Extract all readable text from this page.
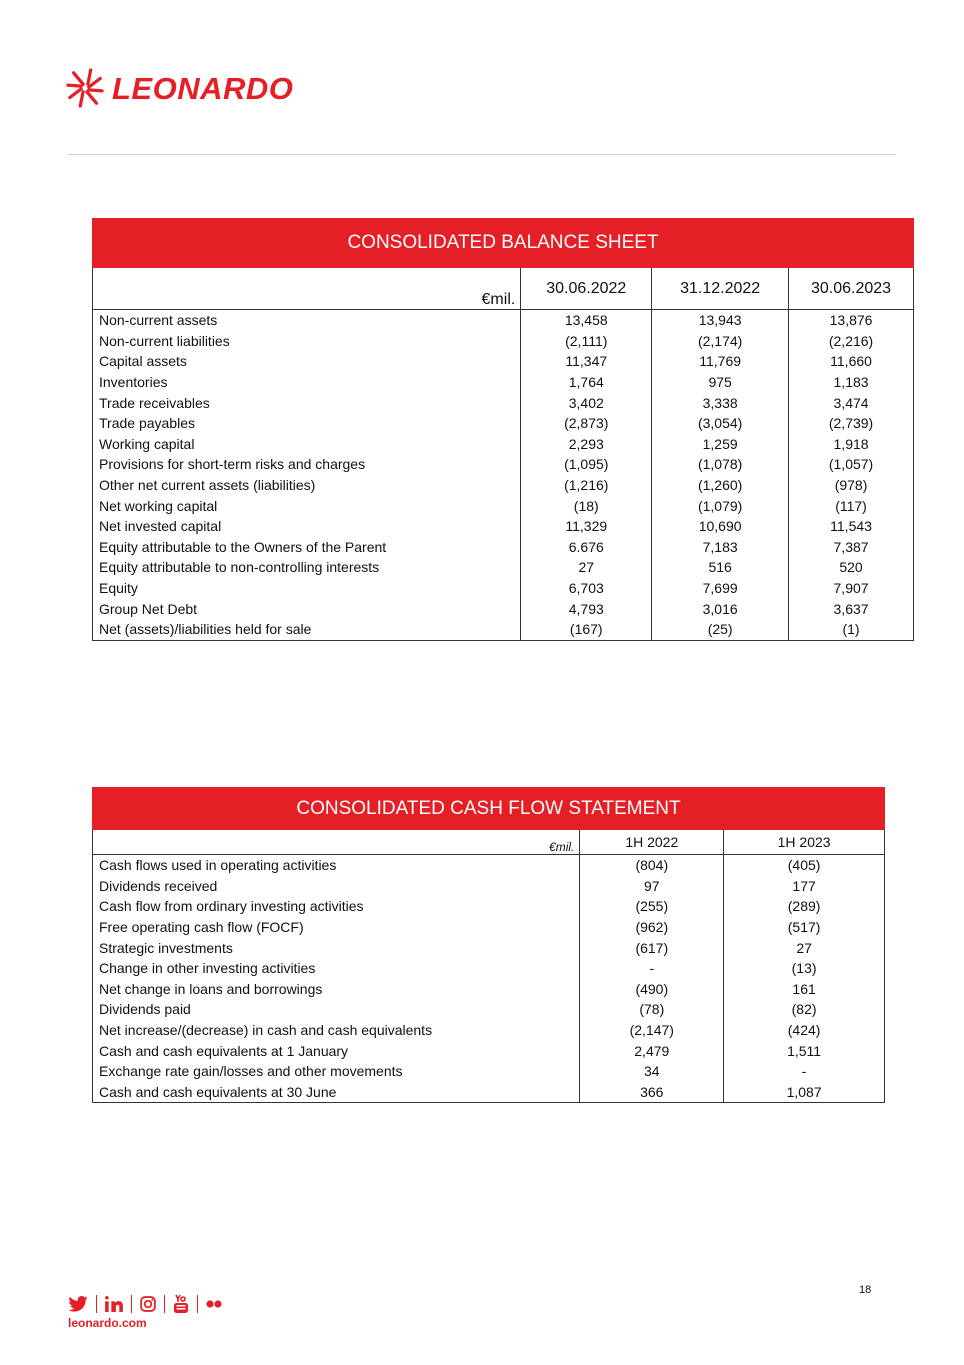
LEONARDO
CONSOLIDATED BALANCE SHEET			
€mil.	30.06.2022	31.12.2022	30.06.2023
Non-current assets	13,458	13,943	13,876
Non-current liabilities	(2,111)	(2,174)	(2,216)
Capital assets	11,347	11,769	11,660
Inventories	1,764	975	1,183
Trade receivables	3,402	3,338	3,474
Trade payables	(2,873)	(3,054)	(2,739)
Working capital	2,293	1,259	1,918
Provisions for short-term risks and charges	(1,095)	(1,078)	(1,057)
Other net current assets (liabilities)	(1,216)	(1,260)	(978)
Net working capital	(18)	(1,079)	(117)
Net invested capital	11,329	10,690	11,543
Equity attributable to the Owners of the Parent	6.676	7,183	7,387
Equity attributable to non-controlling interests	27	516	520
Equity	6,703	7,699	7,907
Group Net Debt	4,793	3,016	3,637
Net (assets)/liabilities held for sale	(167)	(25)	(1)
CONSOLIDATED CASH FLOW STATEMENT		
€mil.	1H 2022	1H 2023
Cash flows used in operating activities	(804)	(405)
Dividends received	97	177
Cash flow from ordinary investing activities	(255)	(289)
Free operating cash flow (FOCF)	(962)	(517)
Strategic investments	(617)	27
Change in other investing activities	-	(13)
Net change in loans and borrowings	(490)	161
Dividends paid	(78)	(82)
Net increase/(decrease) in cash and cash equivalents	(2,147)	(424)
Cash and cash equivalents at 1 January	2,479	1,511
Exchange rate gain/losses and other movements	34	-
Cash and cash equivalents at 30 June	366	1,087
18
leonardo.com
